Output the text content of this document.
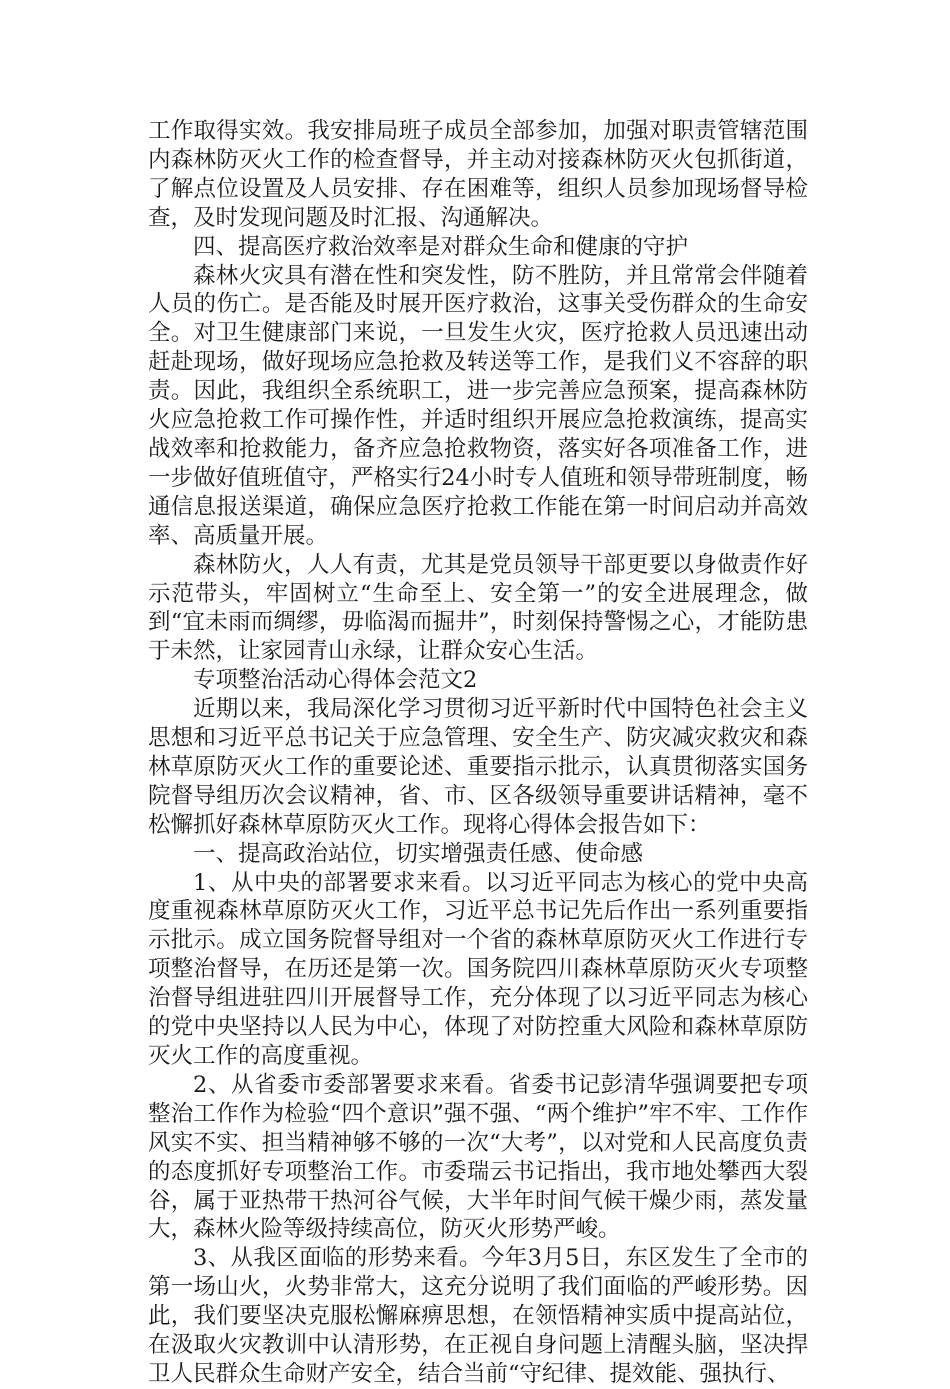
工作取得实效。我安排局班子成员全部参加，加强对职责管辖范围内森林防灭火工作的检查督导，并主动对接森林防灭火包抓街道，了解点位设置及人员安排、存在困难等，组织人员参加现场督导检查，及时发现问题及时汇报、沟通解决。

四、提高医疗救治效率是对群众生命和健康的守护

森林火灾具有潜在性和突发性，防不胜防，并且常常会伴随着人员的伤亡。是否能及时展开医疗救治，这事关受伤群众的生命安全。对卫生健康部门来说，一旦发生火灾，医疗抢救人员迅速出动赶赴现场，做好现场应急抢救及转送等工作，是我们义不容辞的职责。因此，我组织全系统职工，进一步完善应急预案，提高森林防火应急抢救工作可操作性，并适时组织开展应急抢救演练，提高实战效率和抢救能力，备齐应急抢救物资，落实好各项准备工作，进一步做好值班值守，严格实行24小时专人值班和领导带班制度，畅通信息报送渠道，确保应急医疗抢救工作能在第一时间启动并高效率、高质量开展。

森林防火，人人有责，尤其是党员领导干部更要以身做责作好示范带头，牢固树立“生命至上、安全第一”的安全进展理念，做到“宜未雨而绸缪，毋临渴而掘井”，时刻保持警惕之心，才能防患于未然，让家园青山永绿，让群众安心生活。

专项整治活动心得体会范文2

近期以来，我局深化学习贯彻习近平新时代中国特色社会主义思想和习近平总书记关于应急管理、安全生产、防灾减灾救灾和森林草原防灭火工作的重要论述、重要指示批示，认真贯彻落实国务院督导组历次会议精神，省、市、区各级领导重要讲话精神，毫不松懈抓好森林草原防灭火工作。现将心得体会报告如下：

一、提高政治站位，切实增强责任感、使命感

1、从中央的部署要求来看。以习近平同志为核心的党中央高度重视森林草原防灭火工作，习近平总书记先后作出一系列重要指示批示。成立国务院督导组对一个省的森林草原防灭火工作进行专项整治督导，在历还是第一次。国务院四川森林草原防灭火专项整治督导组进驻四川开展督导工作，充分体现了以习近平同志为核心的党中央坚持以人民为中心，体现了对防控重大风险和森林草原防灭火工作的高度重视。

2、从省委市委部署要求来看。省委书记彭清华强调要把专项整治工作作为检验“四个意识”强不强、“两个维护”牢不牢、工作作风实不实、担当精神够不够的一次“大考”，以对党和人民高度负责的态度抓好专项整治工作。市委瑞云书记指出，我市地处攀西大裂谷，属于亚热带干热河谷气候，大半年时间气候干燥少雨，蒸发量大，森林火险等级持续高位，防灭火形势严峻。

3、从我区面临的形势来看。今年3月5日，东区发生了全市的第一场山火，火势非常大，这充分说明了我们面临的严峻形势。因此，我们要坚决克服松懈麻痹思想，在领悟精神实质中提高站位，在汲取火灾教训中认清形势，在正视自身问题上清醒头脑，坚决捍卫人民群众生命财产安全，结合当前“守纪律、提效能、强执行、
